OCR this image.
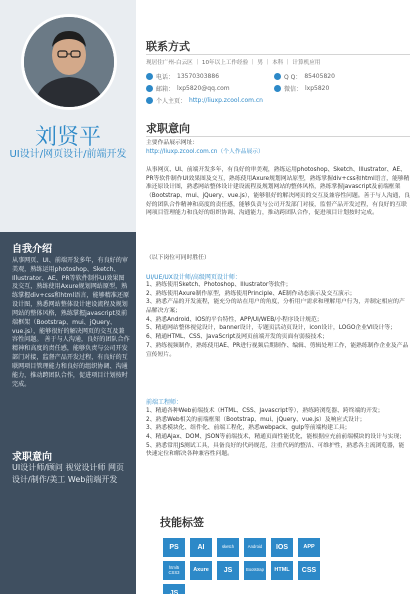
刘贤平
UI设计/网页设计/前端开发
自我介绍
从事网页、UI、前端开发多年，有良好的审美观，熟练运用photoshop、Sketch、Illustrator、AE、PR等软件制作UI效果图及交互，熟练使用Axure规划网站原型，熟练掌握div+css和html语言，能够精准还原设计图，熟悉网站整体设计建设流程及规划网站的整体风格，熟练掌握javascript及前端框架（Bootstrap、mui、jQuery、vue.js），能够很好的解决网页的交互及兼容性问题。 善于与人沟通，良好的团队合作精神和高度的责任感，能够负责与公司开发部门对接，监督产品开发过程，有良好的互联网项目管理能力和良好的组织协调、沟通能力，推动跨团队合作，促进项目计划按时完成。
求职意向
UI设计师/顾问 视觉设计师 网页设计/制作/美工 Web前端开发
联系方式
现居住广州-白云区 ｜ 10年以上工作经验 ｜ 男 ｜ 本科 ｜ 计算机应用
电话： 13570303886	Q Q： 85405820
邮箱： lxp5820@qq.com	微信： lxp5820
个人主页： http://liuxp.zcool.com.cn
求职意向
主要作品展示网址：
http://liuxp.zcool.com.cn（个人作品展示）
从事网页、UI、前端开发多年，有良好的审美观，熟练运用photoshop、Sketch、Illustrator、AE、PR等软件制作UI效果图及交互，熟练使用Axure规划网站原型，熟练掌握div+css和html语言，能够精准还原设计图，熟悉网站整体设计建设流程及规划网站的整体风格，熟练掌握javascript及前端框架（Bootstrap、mui、jQuery、vue.js），能够很好的解决网页的交互及兼容性问题。善于与人沟通，良好的团队合作精神和高度的责任感，能够负责与公司开发部门对接，监督产品开发过程，有良好的互联网项目管理能力和良好的组织协调、沟通能力，推动跨团队合作，促进项目计划按时完成。
（以下岗位可同时胜任）
UI/UE/UX设计师/高级网页设计师：
1、熟练使用Sketch、Photoshop、Illustrator等软件；
2、熟练使用Axure制作原型，熟练使用Principle、AE制作动态演示及交互演示；
3、熟悉产品的开发流程，能充分的站在用户的角度，分析用户需求和理解用户行为，并制定相应的产品解决方案；
4、熟悉Android、IOS的平台特性，APP/UI/WEB/小程序设计规范；
5、精通网站整体视觉设计，banner设计，专题页活动页设计，icon设计，LOGO企业VI设计等；
6、精通HTML、CSS、JavaScript及网页前端开发的页面有弱接技术；
7、熟练视频制作，熟练使用AE、PR进行视频后期制作、编辑、剪辑处理工作，能熟练制作企业及产品宣传短片。
前端工程师：
1、精通各种Web前端技术（HTML、CSS、Javascript等），熟练跨浏览器、跨终端的开发；
2、熟悉Web相关的前端框架（Bootstrap、mui、jQuery、vue.js）及响应式设计；
3、熟悉模块化、组件化、前端工程化，熟悉webpack、gulp等前端构建工具；
4、精通Ajax、DOM、JSON等前端技术，精通页面性能优化，能根据应充前前端模块的设计与实现；
5、熟悉常用JS测试工具，具备良好的代码规范，注重代码的整洁、可维护性，熟悉各主流浏览器，能快速定位和解决各种兼容性问题。
技能标签
PS	AI	sketch	Android	IOS	APP
html5 CSS3	Axure	JS	Bootstrap	HTML	CSS
JS
